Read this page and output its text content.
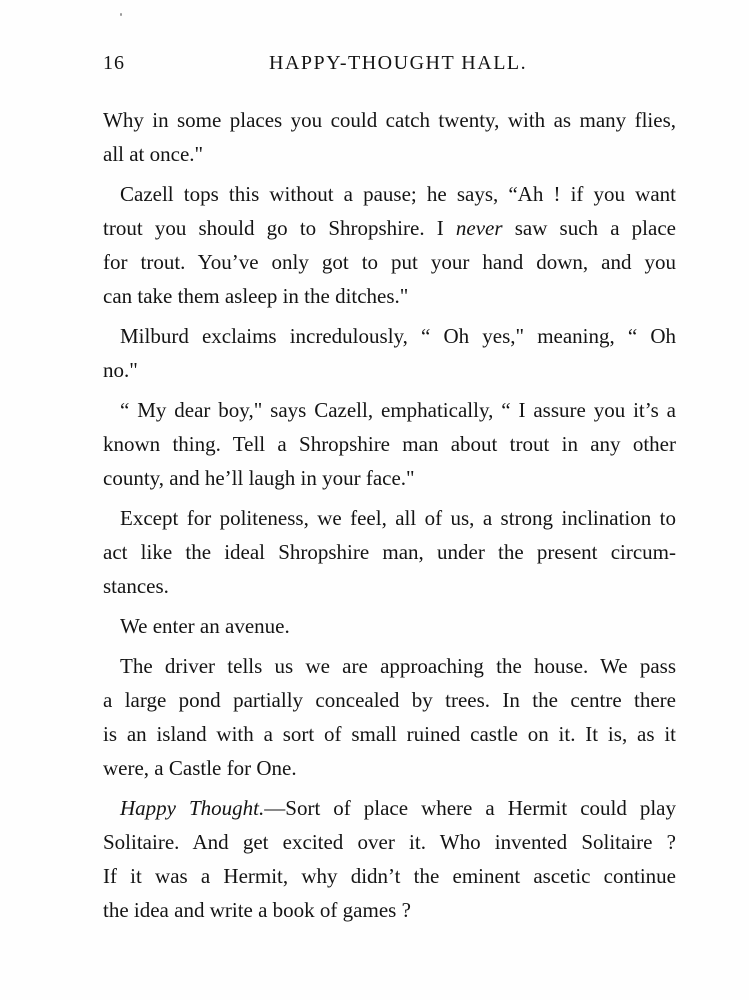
16	HAPPY-THOUGHT HALL.
Why in some places you could catch twenty, with as many flies,
all at once."
Cazell tops this without a pause; he says, “Ah ! if you want
trout you should go to Shropshire. I never saw such a place
for trout. You’ve only got to put your hand down, and you
can take them asleep in the ditches."
Milburd exclaims incredulously, “ Oh yes," meaning, “ Oh
no."
“ My dear boy," says Cazell, emphatically, “ I assure you it’s a
known thing. Tell a Shropshire man about trout in any other
county, and he’ll laugh in your face."
Except for politeness, we feel, all of us, a strong inclination to
act like the ideal Shropshire man, under the present circum-
stances.
We enter an avenue.
The driver tells us we are approaching the house. We pass
a large pond partially concealed by trees. In the centre there
is an island with a sort of small ruined castle on it. It is, as it
were, a Castle for One.
Happy Thought.—Sort of place where a Hermit could play
Solitaire. And get excited over it. Who invented Solitaire ?
If it was a Hermit, why didn’t the eminent ascetic continue
the idea and write a book of games ?
